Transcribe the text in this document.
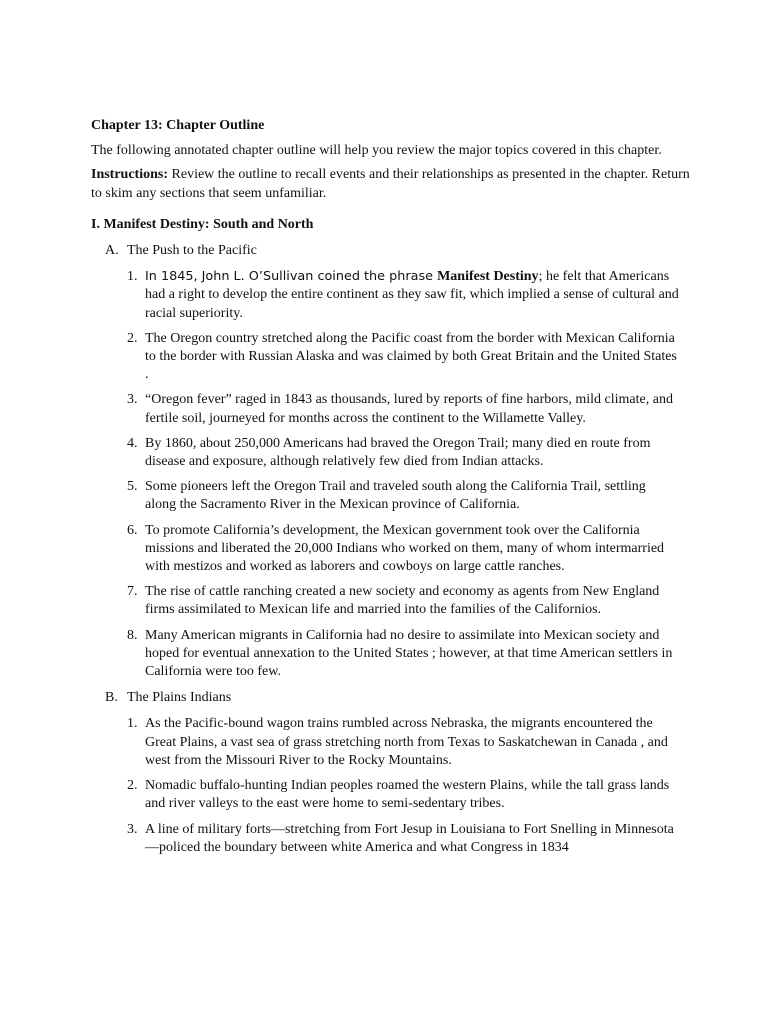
Chapter 13: Chapter Outline

The following annotated chapter outline will help you review the major topics covered in this chapter.

Instructions: Review the outline to recall events and their relationships as presented in the chapter. Return to skim any sections that seem unfamiliar.

I. Manifest Destiny: South and North
A. The Push to the Pacific
1. In 1845, John L. O’Sullivan coined the phrase Manifest Destiny; he felt that Americans had a right to develop the entire continent as they saw fit, which implied a sense of cultural and racial superiority.
2. The Oregon country stretched along the Pacific coast from the border with Mexican California to the border with Russian Alaska and was claimed by both Great Britain and the United States .
3. “Oregon fever” raged in 1843 as thousands, lured by reports of fine harbors, mild climate, and fertile soil, journeyed for months across the continent to the Willamette Valley.
4. By 1860, about 250,000 Americans had braved the Oregon Trail; many died en route from disease and exposure, although relatively few died from Indian attacks.
5. Some pioneers left the Oregon Trail and traveled south along the California Trail, settling along the Sacramento River in the Mexican province of California.
6. To promote California’s development, the Mexican government took over the California missions and liberated the 20,000 Indians who worked on them, many of whom intermarried with mestizos and worked as laborers and cowboys on large cattle ranches.
7. The rise of cattle ranching created a new society and economy as agents from New England firms assimilated to Mexican life and married into the families of the Californios.
8. Many American migrants in California had no desire to assimilate into Mexican society and hoped for eventual annexation to the United States ; however, at that time American settlers in California were too few.
B. The Plains Indians
1. As the Pacific-bound wagon trains rumbled across Nebraska, the migrants encountered the Great Plains, a vast sea of grass stretching north from Texas to Saskatchewan in Canada , and west from the Missouri River to the Rocky Mountains.
2. Nomadic buffalo-hunting Indian peoples roamed the western Plains, while the tall grass lands and river valleys to the east were home to semi-sedentary tribes.
3. A line of military forts—stretching from Fort Jesup in Louisiana to Fort Snelling in Minnesota—policed the boundary between white America and what Congress in 1834
